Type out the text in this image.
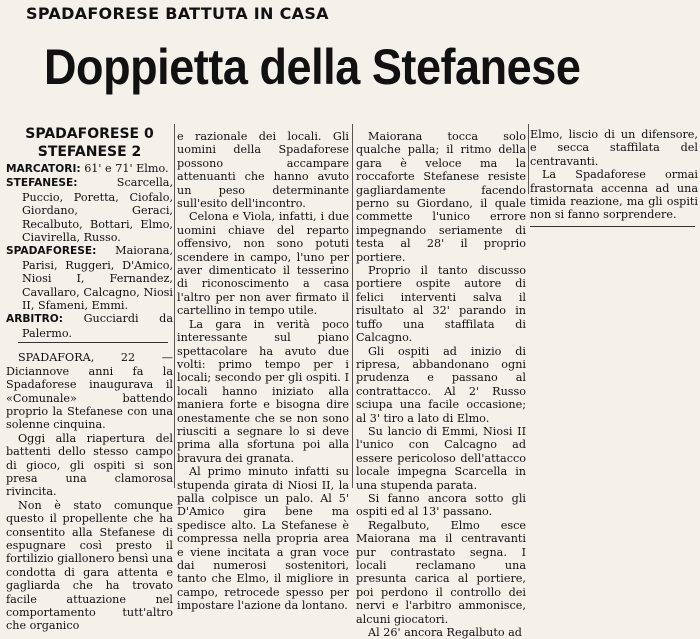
SPADAFORESE BATTUTA IN CASA
Doppietta della Stefanese
SPADAFORESE 0
STEFANESE 2

MARCATORI: 61' e 71' Elmo.

STEFANESE:	Scarcella, Puccio, Poretta, Ciofalo, Giordano, Geraci, Recalbuto, Bottari, Elmo, Ciavirella, Russo.

SPADAFORESE: Maiorana, Parisi, Ruggeri, D'Amico, Niosi I, Fernandez, Cavallaro, Calcagno, Niosi II, Sfameni, Emmi.

ARBITRO: Gucciardi da Palermo.

SPADAFORA, 22 — Diciannove anni fa la Spadaforese inaugurava il «Comunale» battendo proprio la Stefanese con una solenne cinquina.

Oggi alla riapertura del battenti dello stesso campo di gioco, gli ospiti si son presa una clamorosa rivincita.

Non è stato comunque questo il propellente che ha consentito alla Stefanese di espugnare così presto il fortilizio giallonero bensì una condotta di gara attenta e gagliarda che ha trovato facile attuazione nel comportamento tutt'altro che organico

e razionale dei locali. Gli uomini della Spadaforese possono accampare attenuanti che hanno avuto un peso determinante sull'esito dell'incontro.

Celona e Viola, infatti, i due uomini chiave del reparto offensivo, non sono potuti scendere in campo, l'uno per aver dimenticato il tesserino di riconoscimento a casa l'altro per non aver firmato il cartellino in tempo utile.

La gara in verità poco interessante sul piano spettacolare ha avuto due volti: primo tempo per i locali; secondo per gli ospiti. I locali hanno iniziato alla maniera forte e bisogna dire onestamente che se non sono riusciti a segnare lo si deve prima alla sfortuna poi alla bravura dei granata.

Al primo minuto infatti su stupenda girata di Niosi II, la palla colpisce un palo. Al 5' D'Amico gira bene ma spedisce alto. La Stefanese è compressa nella propria area e viene incitata a gran voce dai numerosi sostenitori, tanto che Elmo, il migliore in campo, retrocede spesso per impostare l'azione da lontano.

Maiorana tocca solo qualche palla; il ritmo della gara è veloce ma la roccaforte Stefanese resiste gagliardamente facendo perno su Giordano, il quale commette l'unico errore impegnando seriamente di testa al 28' il proprio portiere.

Proprio il tanto discusso portiere ospite autore di felici interventi salva il risultato al 32' parando in tuffo una staffilata di Calcagno.

Gli ospiti ad inizio di ripresa, abbandonano ogni prudenza e passano al contrattacco. Al 2' Russo sciupa una facile occasione; al 3' tiro a lato di Elmo.

Su lancio di Emmi, Niosi II l'unico con Calcagno ad essere pericoloso dell'attacco locale impegna Scarcella in una stupenda parata.

Si fanno ancora sotto gli ospiti ed al 13' passano.

Regalbuto, Elmo esce Maiorana ma il centravanti pur contrastato segna. I locali reclamano una presunta carica al portiere, poi perdono il controllo dei nervi e l'arbitro ammonisce, alcuni giocatori.

Al 26' ancora Regalbuto ad

Elmo, liscio di un difensore, e secca staffilata del centravanti.

La Spadaforese ormai frastornata accenna ad una timida reazione, ma gli ospiti non si fanno sorprendere.
